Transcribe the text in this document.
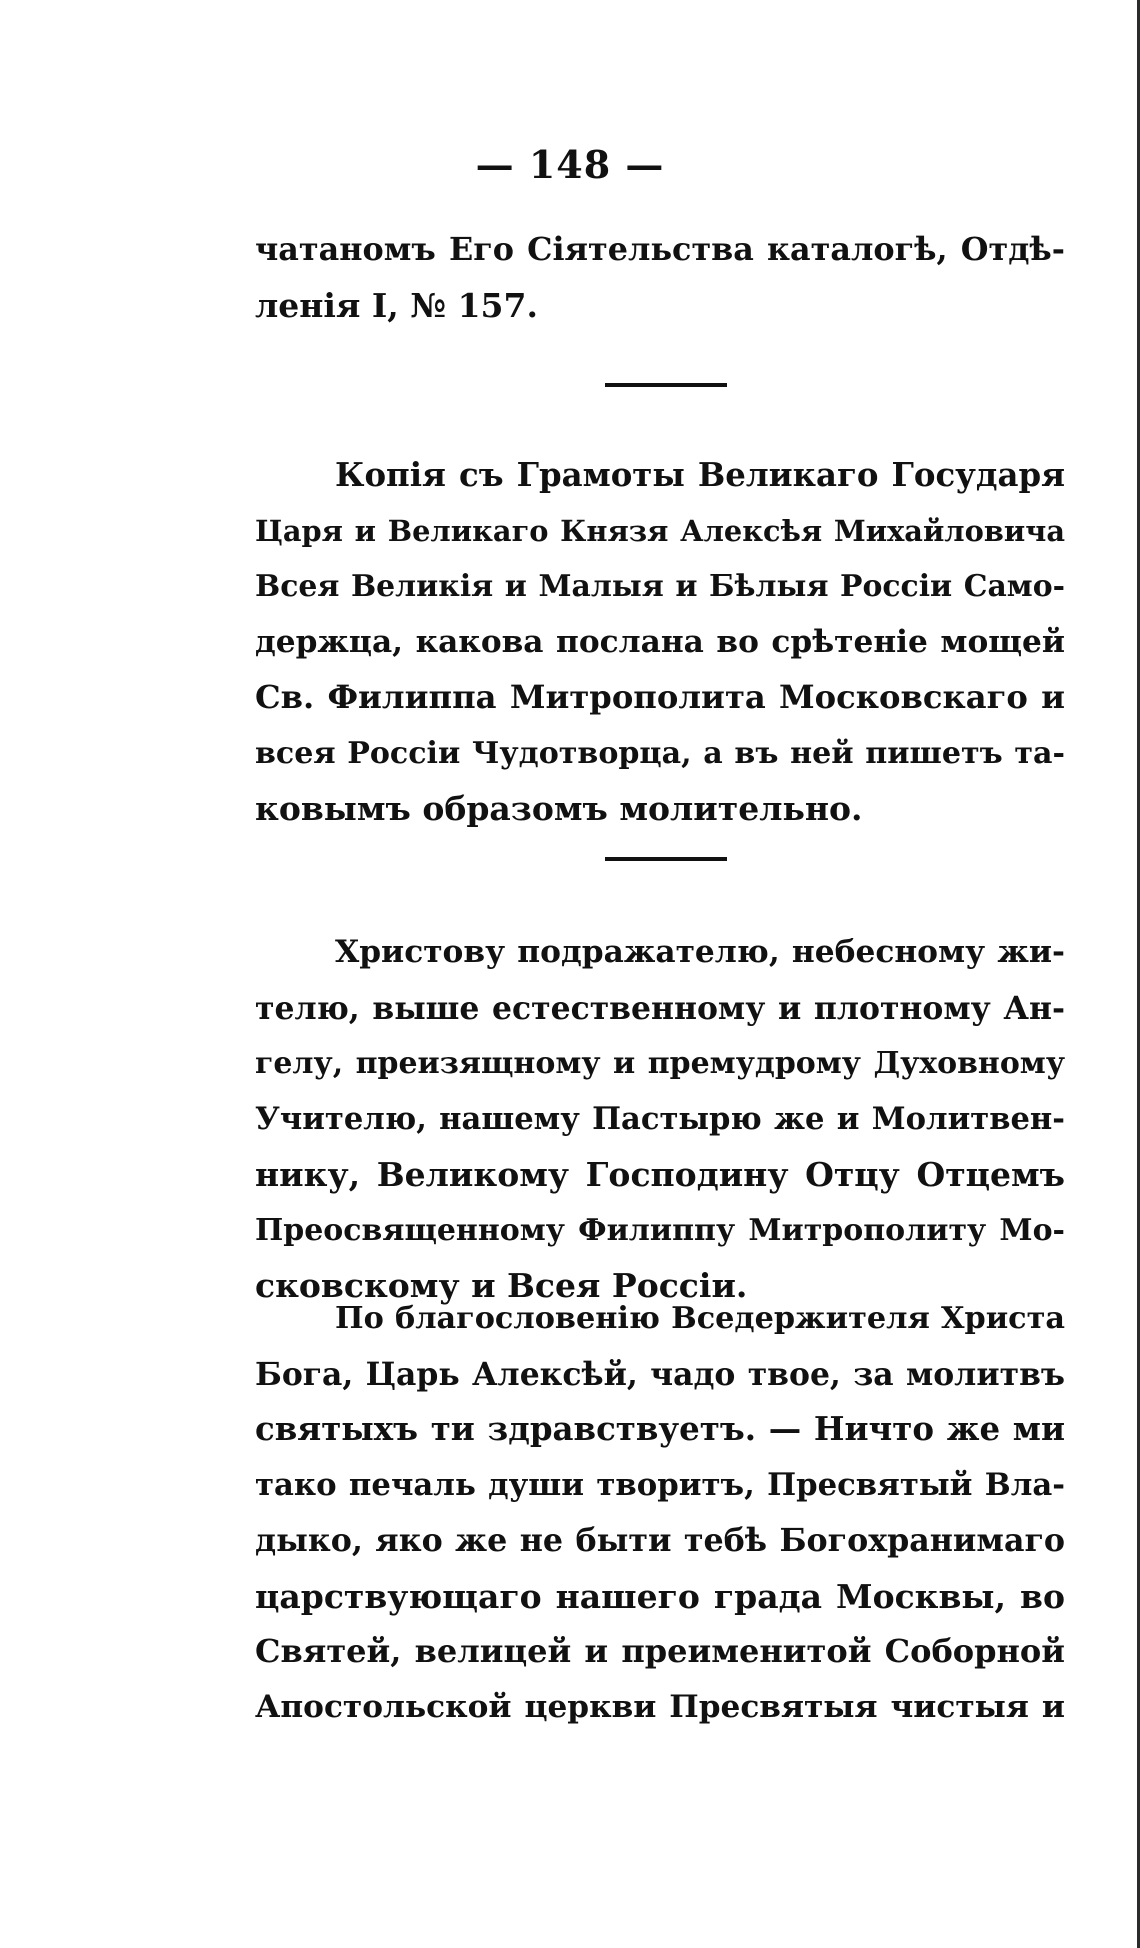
— 148 —
чатаномъ Его Сіятельства каталогѣ, Отдѣ-
ленія I, № 157.
Копія съ Грамоты Великаго Государя
Царя и Великаго Князя Алексѣя Михайловича
Всея Великія и Малыя и Бѣлыя Россіи Само-
держца, какова послана во срѣтеніе мощей
Св. Филиппа Митрополита Московскаго и
всея Россіи Чудотворца, а въ ней пишетъ та-
ковымъ образомъ молительно.
Христову подражателю, небесному жи-
телю, выше естественному и плотному Ан-
гелу, преизящному и премудрому Духовному
Учителю, нашему Пастырю же и Молитвен-
нику, Великому Господину Отцу Отцемъ
Преосвященному Филиппу Митрополиту Мо-
сковскому и Всея Россіи.
По благословенію Вседержителя Христа
Бога, Царь Алексѣй, чадо твое, за молитвъ
святыхъ ти здравствуетъ. — Ничто же ми
тако печаль души творитъ, Пресвятый Вла-
дыко, яко же не быти тебѣ Богохранимаго
царствующаго нашего града Москвы, во
Святей, велицей и преименитой Соборной
Апостольской церкви Пресвятыя чистыя и
